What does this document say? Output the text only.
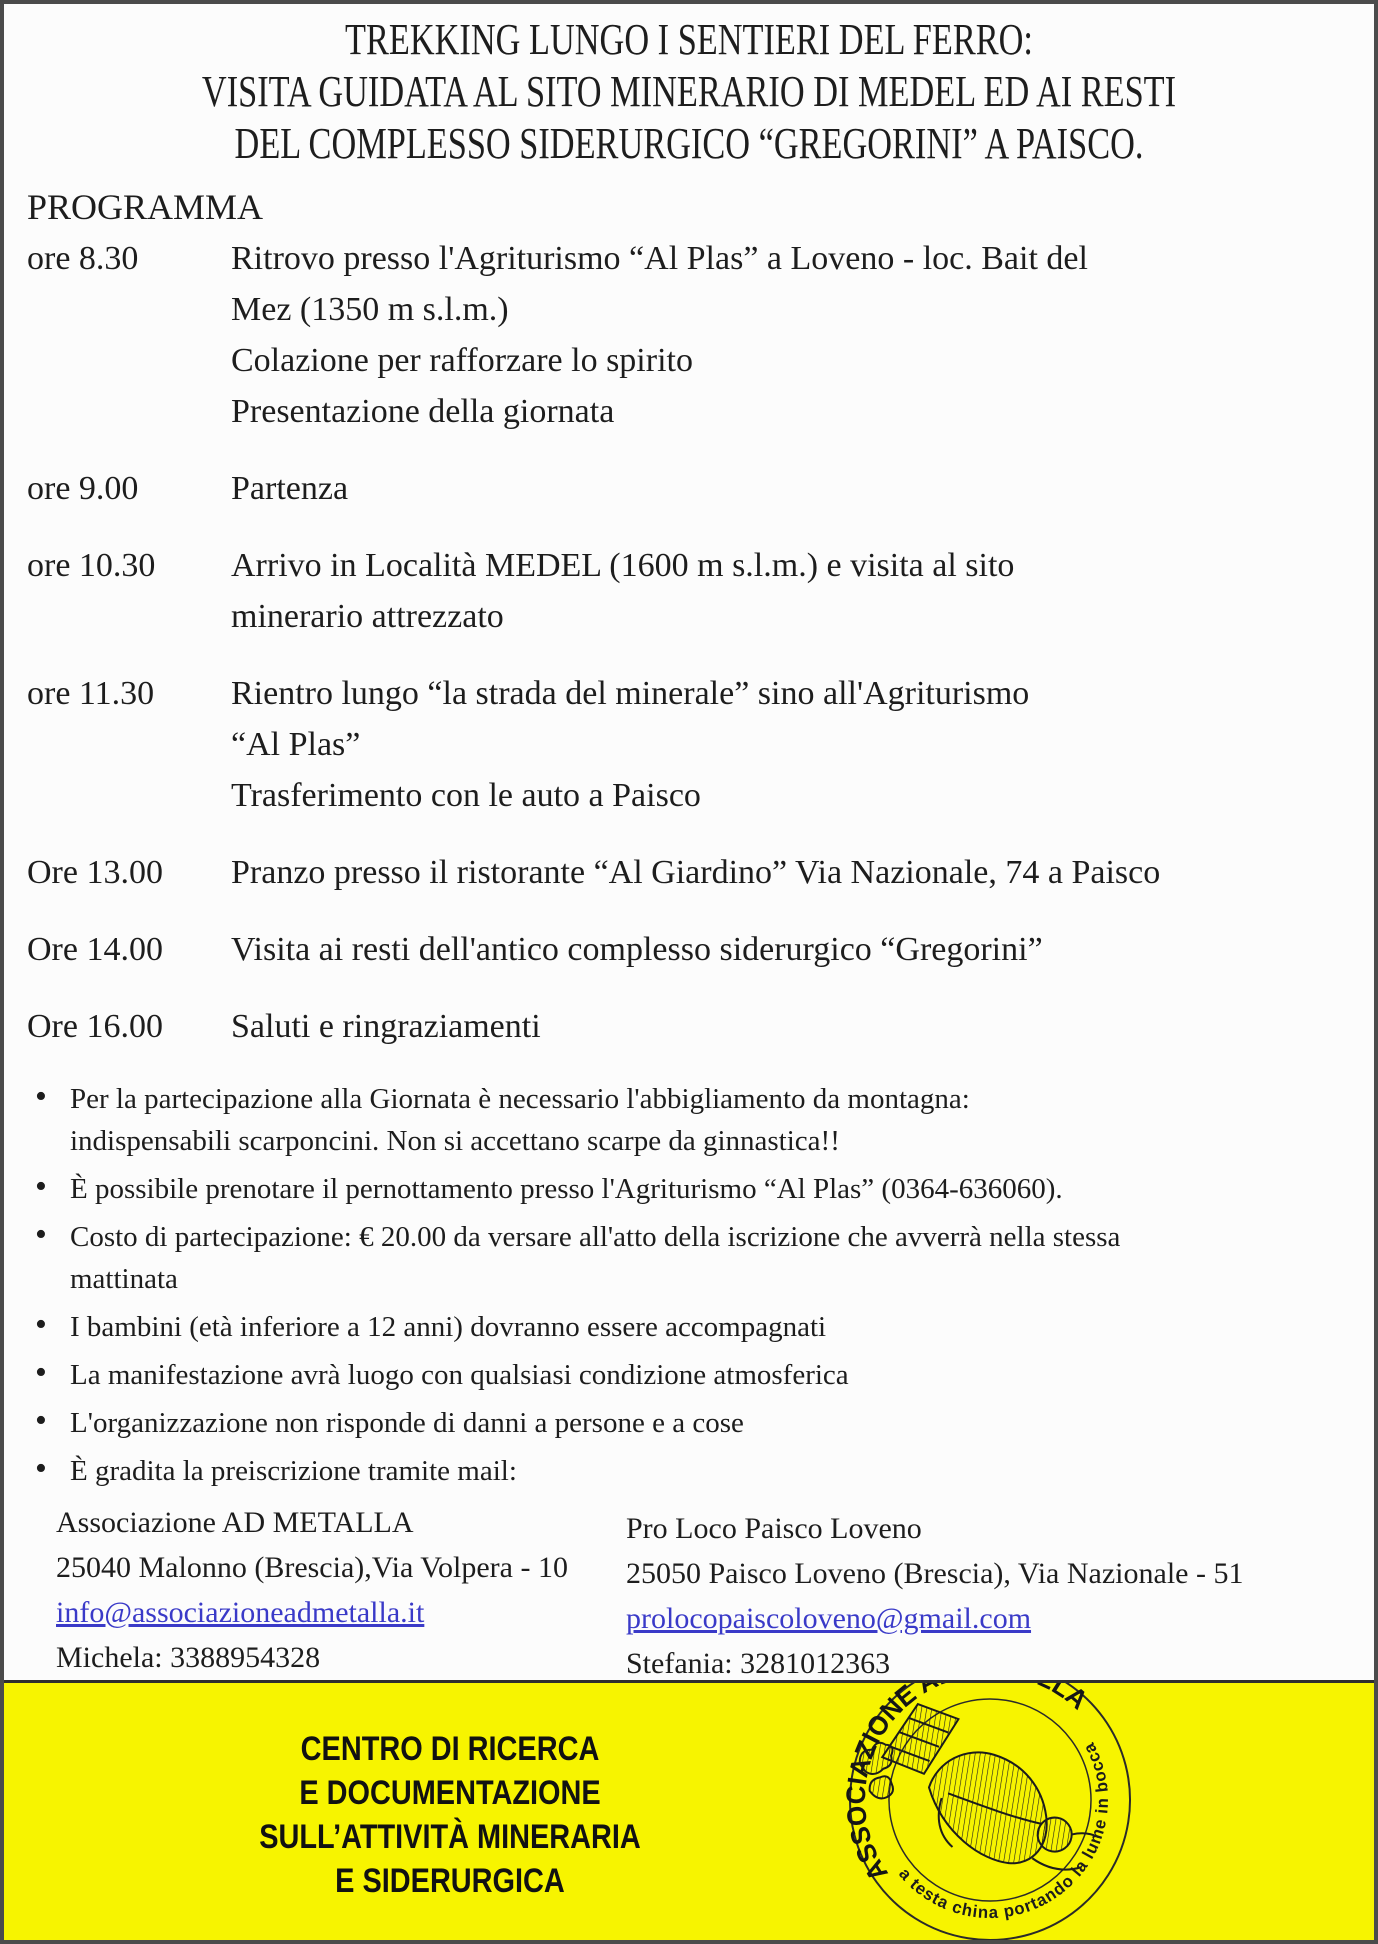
TREKKING LUNGO I SENTIERI DEL FERRO:
VISITA GUIDATA AL SITO MINERARIO DI MEDEL ED AI RESTI
DEL COMPLESSO SIDERURGICO “GREGORINI” A PAISCO.
PROGRAMMA
ore 8.30	Ritrovo presso l'Agriturismo “Al Plas” a Loveno - loc. Bait del
Mez (1350 m s.l.m.)
Colazione per rafforzare lo spirito
Presentazione della giornata
ore 9.00	Partenza
ore 10.30	Arrivo in Località MEDEL (1600 m s.l.m.) e visita al sito
minerario attrezzato
ore 11.30	Rientro lungo “la strada del minerale” sino all'Agriturismo
“Al Plas”
Trasferimento con le auto a Paisco
Ore 13.00	Pranzo presso il ristorante “Al Giardino” Via Nazionale, 74 a Paisco
Ore 14.00	Visita ai resti dell'antico complesso siderurgico “Gregorini”
Ore 16.00	Saluti e ringraziamenti
• Per la partecipazione alla Giornata è necessario l'abbigliamento da montagna:
indispensabili scarponcini. Non si accettano scarpe da ginnastica!!
• È possibile prenotare il pernottamento presso l'Agriturismo “Al Plas” (0364-636060).
• Costo di partecipazione: € 20.00 da versare all'atto della iscrizione che avverrà nella stessa
mattinata
• I bambini (età inferiore a 12 anni) dovranno essere accompagnati
• La manifestazione avrà luogo con qualsiasi condizione atmosferica
• L'organizzazione non risponde di danni a persone e a cose
• È gradita la preiscrizione tramite mail:
Associazione AD METALLA
25040 Malonno (Brescia),Via Volpera - 10
info@associazioneadmetalla.it
Michela: 3388954328
Pro Loco Paisco Loveno
25050 Paisco Loveno (Brescia), Via Nazionale - 51
prolocopaiscoloveno@gmail.com
Stefania: 3281012363
CENTRO DI RICERCA
E DOCUMENTAZIONE
SULL’ATTIVITÀ MINERARIA
E SIDERURGICA	ASSOCIAZIONE AD METALLA
a testa china portando la lume in bocca
